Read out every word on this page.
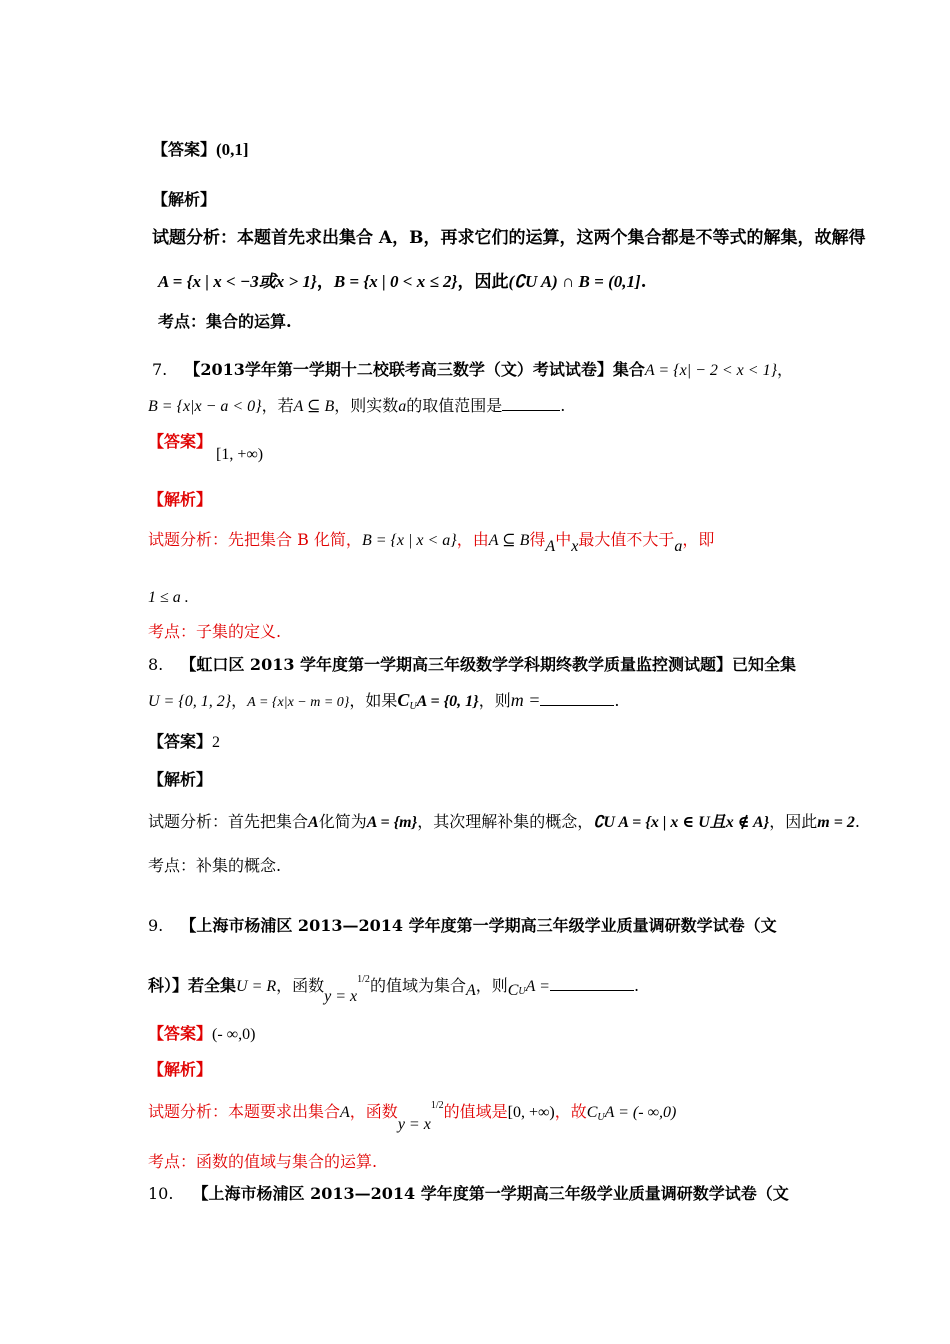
【答案】(0,1]
【解析】
试题分析：本题首先求出集合 A，B，再求它们的运算，这两个集合都是不等式的解集，故解得
A = {x | x < −3或x > 1}，B = {x | 0 < x ≤ 2}，因此(∁U A) ∩ B = (0,1].
考点：集合的运算.
7. 【2013学年第一学期十二校联考高三数学（文）考试试卷】集合A = {x| − 2 < x < 1}，
B = {x|x − a < 0}，若A ⊆ B，则实数a的取值范围是	.
【答案】[1, +∞)
【解析】
试题分析：先把集合 B 化简，B = {x | x < a}，由A ⊆ B得A中x最大值不大于a，即
1 ≤ a .
考点：子集的定义.
8. 【虹口区 2013 学年度第一学期高三年级数学学科期终教学质量监控测试题】已知全集
U = {0, 1, 2}，A = {x|x − m = 0}，如果CUA = {0, 1}，则m =	.
【答案】2
【解析】
试题分析：首先把集合A化简为A = {m}，其次理解补集的概念，∁U A = {x | x ∈ U且x ∉ A}，因此m = 2.
考点：补集的概念.
9. 【上海市杨浦区 2013—2014 学年度第一学期高三年级学业质量调研数学试卷（文
科）】若全集U = R，函数$y = x^{1/2}$的值域为集合A，则CUA =	.
【答案】(- ∞,0)
【解析】
试题分析：本题要求出集合A，函数$y = x^{1/2}$的值域是[0, +∞)，故CUA = (- ∞,0)
考点：函数的值域与集合的运算.
10. 【上海市杨浦区 2013—2014 学年度第一学期高三年级学业质量调研数学试卷（文
